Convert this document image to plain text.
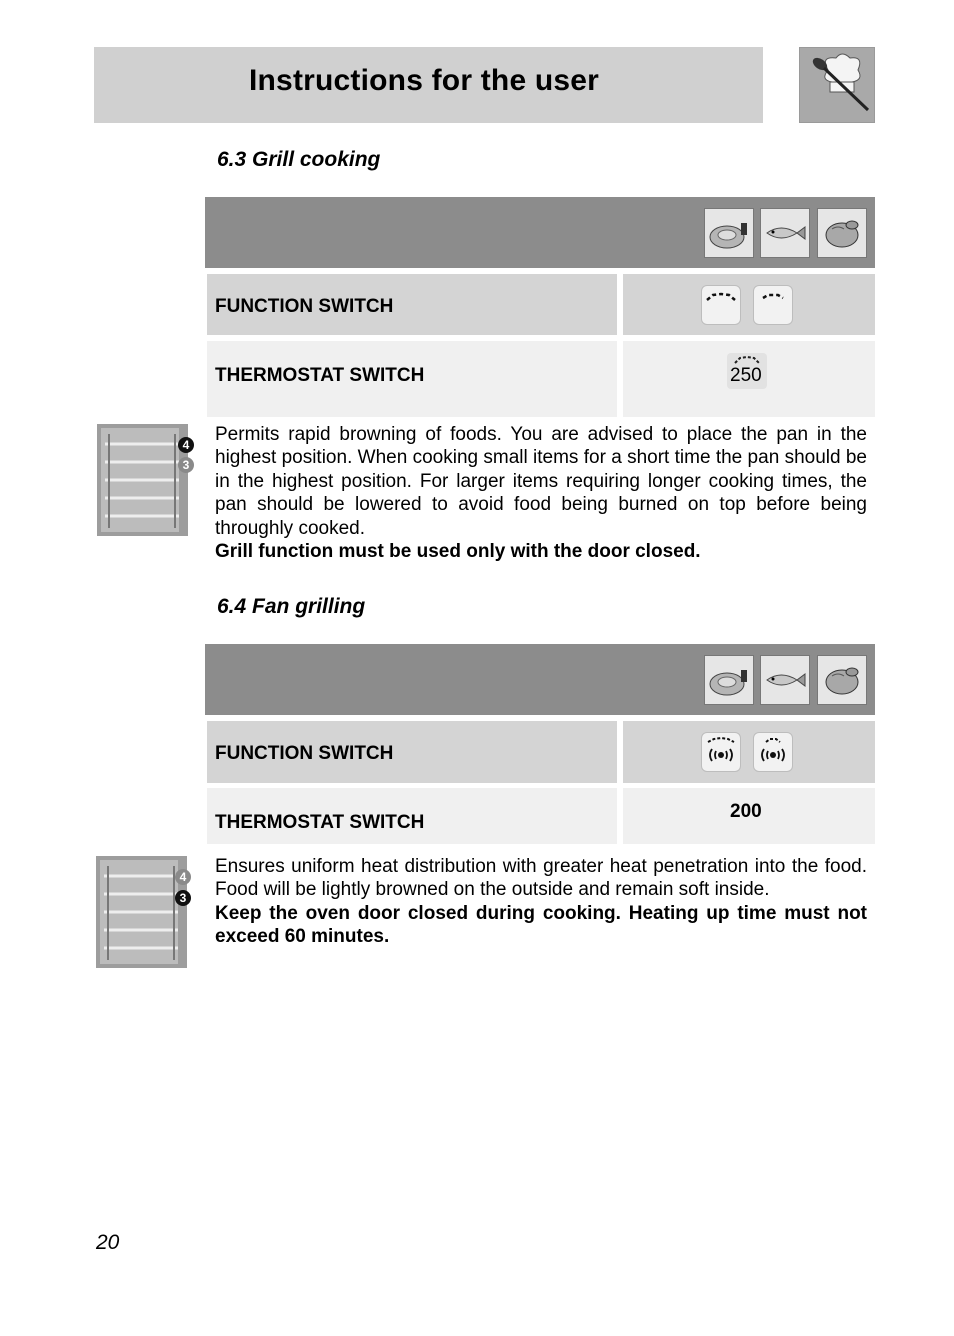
Instructions for the user
6.3 Grill cooking
FUNCTION SWITCH
THERMOSTAT SWITCH	250
4
3
Permits rapid browning of foods. You are advised to place the pan in the highest position. When cooking small items for a short time the pan should be in the highest position. For larger items requiring longer cooking times, the pan should be lowered to avoid food being burned on top before being throughly cooked.
Grill function must be used only with the door closed.
6.4 Fan grilling
FUNCTION SWITCH
THERMOSTAT SWITCH
200
4
3
Ensures uniform heat distribution with greater heat penetration into the food. Food will be lightly browned on the outside and remain soft inside.
Keep the oven door closed during cooking. Heating up time must not exceed 60 minutes.
20
